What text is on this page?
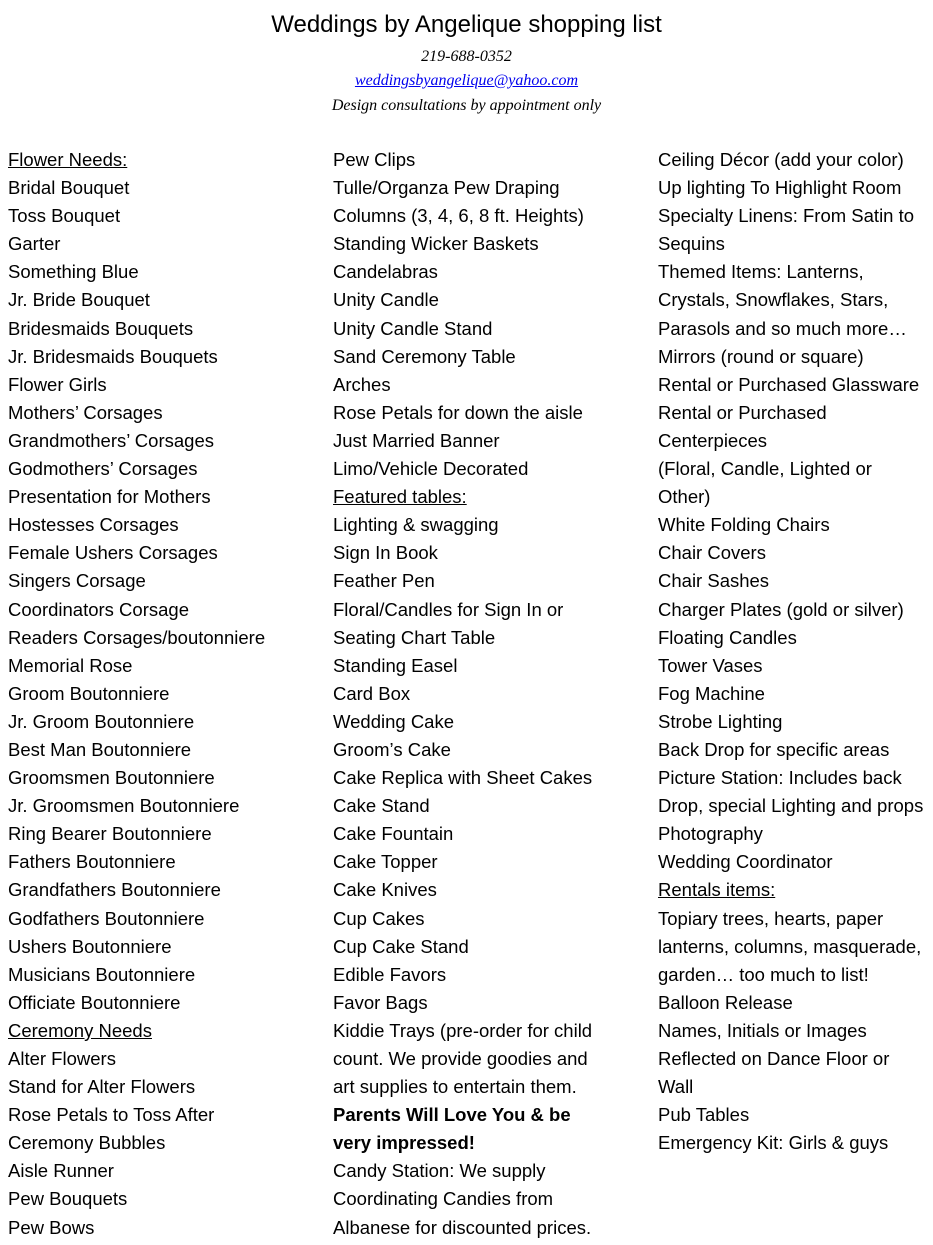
Weddings by Angelique shopping list
219-688-0352
weddingsbyangelique@yahoo.com
Design consultations by appointment only
Flower Needs:
Bridal Bouquet
Toss Bouquet
Garter
Something Blue
Jr. Bride Bouquet
Bridesmaids Bouquets
Jr. Bridesmaids Bouquets
Flower Girls
Mothers’ Corsages
Grandmothers’ Corsages
Godmothers’ Corsages
Presentation for Mothers
Hostesses Corsages
Female Ushers Corsages
Singers Corsage
Coordinators Corsage
Readers Corsages/boutonniere
Memorial Rose
Groom Boutonniere
Jr. Groom Boutonniere
Best Man Boutonniere
Groomsmen Boutonniere
Jr. Groomsmen Boutonniere
Ring Bearer Boutonniere
Fathers Boutonniere
Grandfathers Boutonniere
Godfathers Boutonniere
Ushers Boutonniere
Musicians Boutonniere
Officiate Boutonniere
Ceremony Needs
Alter Flowers
Stand for Alter Flowers
Rose Petals to Toss After
Ceremony Bubbles
Aisle Runner
Pew Bouquets
Pew Bows
Pew Clips
Tulle/Organza Pew Draping
Columns (3, 4, 6, 8 ft. Heights)
Standing Wicker Baskets
Candelabras
Unity Candle
Unity Candle Stand
Sand Ceremony Table
Arches
Rose Petals for down the aisle
Just Married Banner
Limo/Vehicle Decorated
Featured tables:
Lighting & swagging
Sign In Book
Feather Pen
Floral/Candles for Sign In or
Seating Chart Table
Standing Easel
Card Box
Wedding Cake
Groom’s Cake
Cake Replica with Sheet Cakes
Cake Stand
Cake Fountain
Cake Topper
Cake Knives
Cup Cakes
Cup Cake Stand
Edible Favors
Favor Bags
Kiddie Trays (pre-order for child
count. We provide goodies and
art supplies to entertain them.
Parents Will Love You & be
very impressed!
Candy Station: We supply
Coordinating Candies from
Albanese for discounted prices.
Ceiling Décor (add your color)
Up lighting To Highlight Room
Specialty Linens: From Satin to
Sequins
Themed Items: Lanterns,
Crystals, Snowflakes, Stars,
Parasols and so much more…
Mirrors (round or square)
Rental or Purchased Glassware
Rental or Purchased
Centerpieces
(Floral, Candle, Lighted or
Other)
White Folding Chairs
Chair Covers
Chair Sashes
Charger Plates (gold or silver)
Floating Candles
Tower Vases
Fog Machine
Strobe Lighting
Back Drop for specific areas
Picture Station: Includes back
Drop, special Lighting and props
Photography
Wedding Coordinator
Rentals items:
Topiary trees, hearts, paper
lanterns, columns, masquerade,
garden… too much to list!
Balloon Release
Names, Initials or Images
Reflected on Dance Floor or
Wall
Pub Tables
Emergency Kit: Girls & guys
